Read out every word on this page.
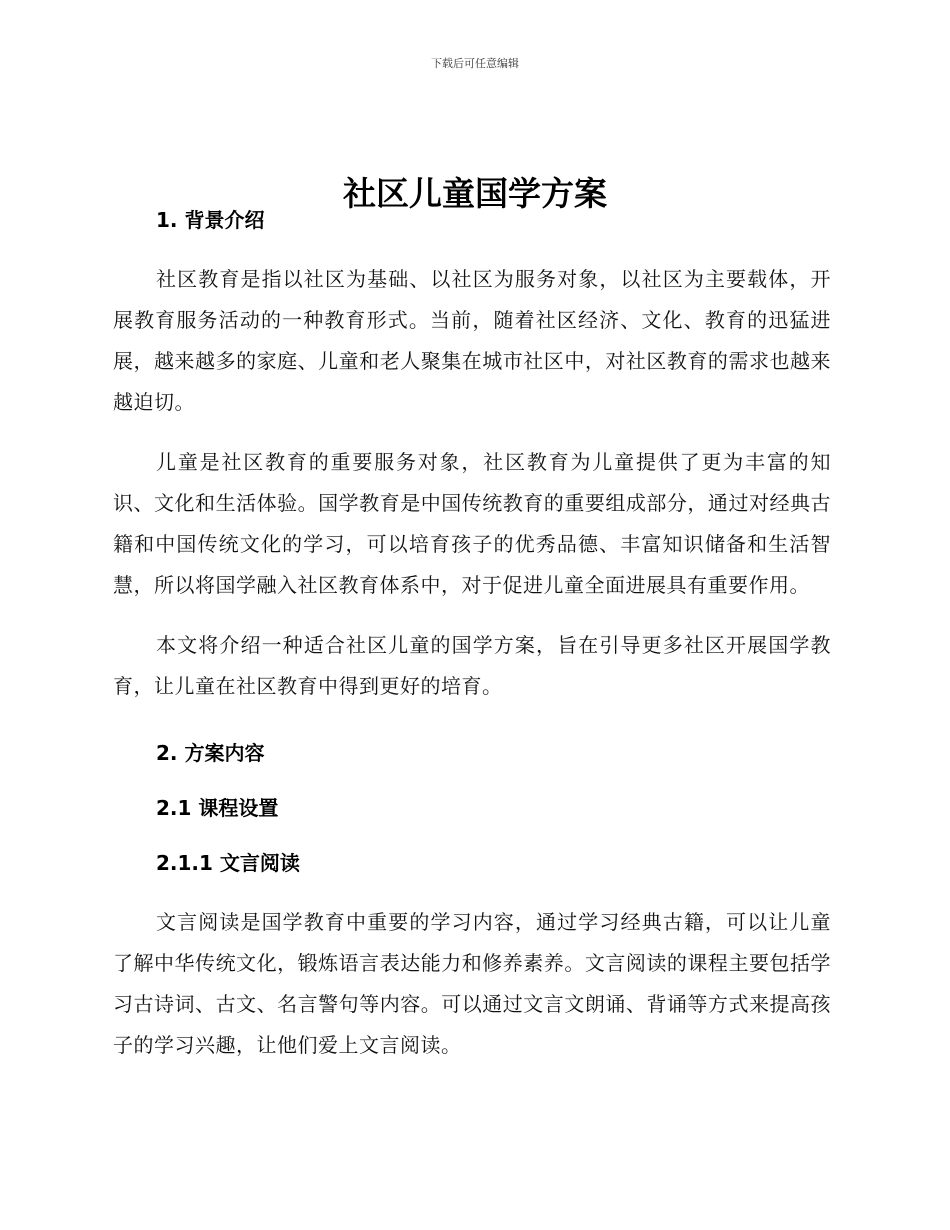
下载后可任意编辑
社区儿童国学方案
1. 背景介绍

社区教育是指以社区为基础、以社区为服务对象，以社区为主要载体，开展教育服务活动的一种教育形式。当前，随着社区经济、文化、教育的迅猛进展，越来越多的家庭、儿童和老人聚集在城市社区中，对社区教育的需求也越来越迫切。

儿童是社区教育的重要服务对象，社区教育为儿童提供了更为丰富的知识、文化和生活体验。国学教育是中国传统教育的重要组成部分，通过对经典古籍和中国传统文化的学习，可以培育孩子的优秀品德、丰富知识储备和生活智慧，所以将国学融入社区教育体系中，对于促进儿童全面进展具有重要作用。

本文将介绍一种适合社区儿童的国学方案，旨在引导更多社区开展国学教育，让儿童在社区教育中得到更好的培育。

2. 方案内容
2.1 课程设置
2.1.1 文言阅读

文言阅读是国学教育中重要的学习内容，通过学习经典古籍，可以让儿童了解中华传统文化，锻炼语言表达能力和修养素养。文言阅读的课程主要包括学习古诗词、古文、名言警句等内容。可以通过文言文朗诵、背诵等方式来提高孩子的学习兴趣，让他们爱上文言阅读。
